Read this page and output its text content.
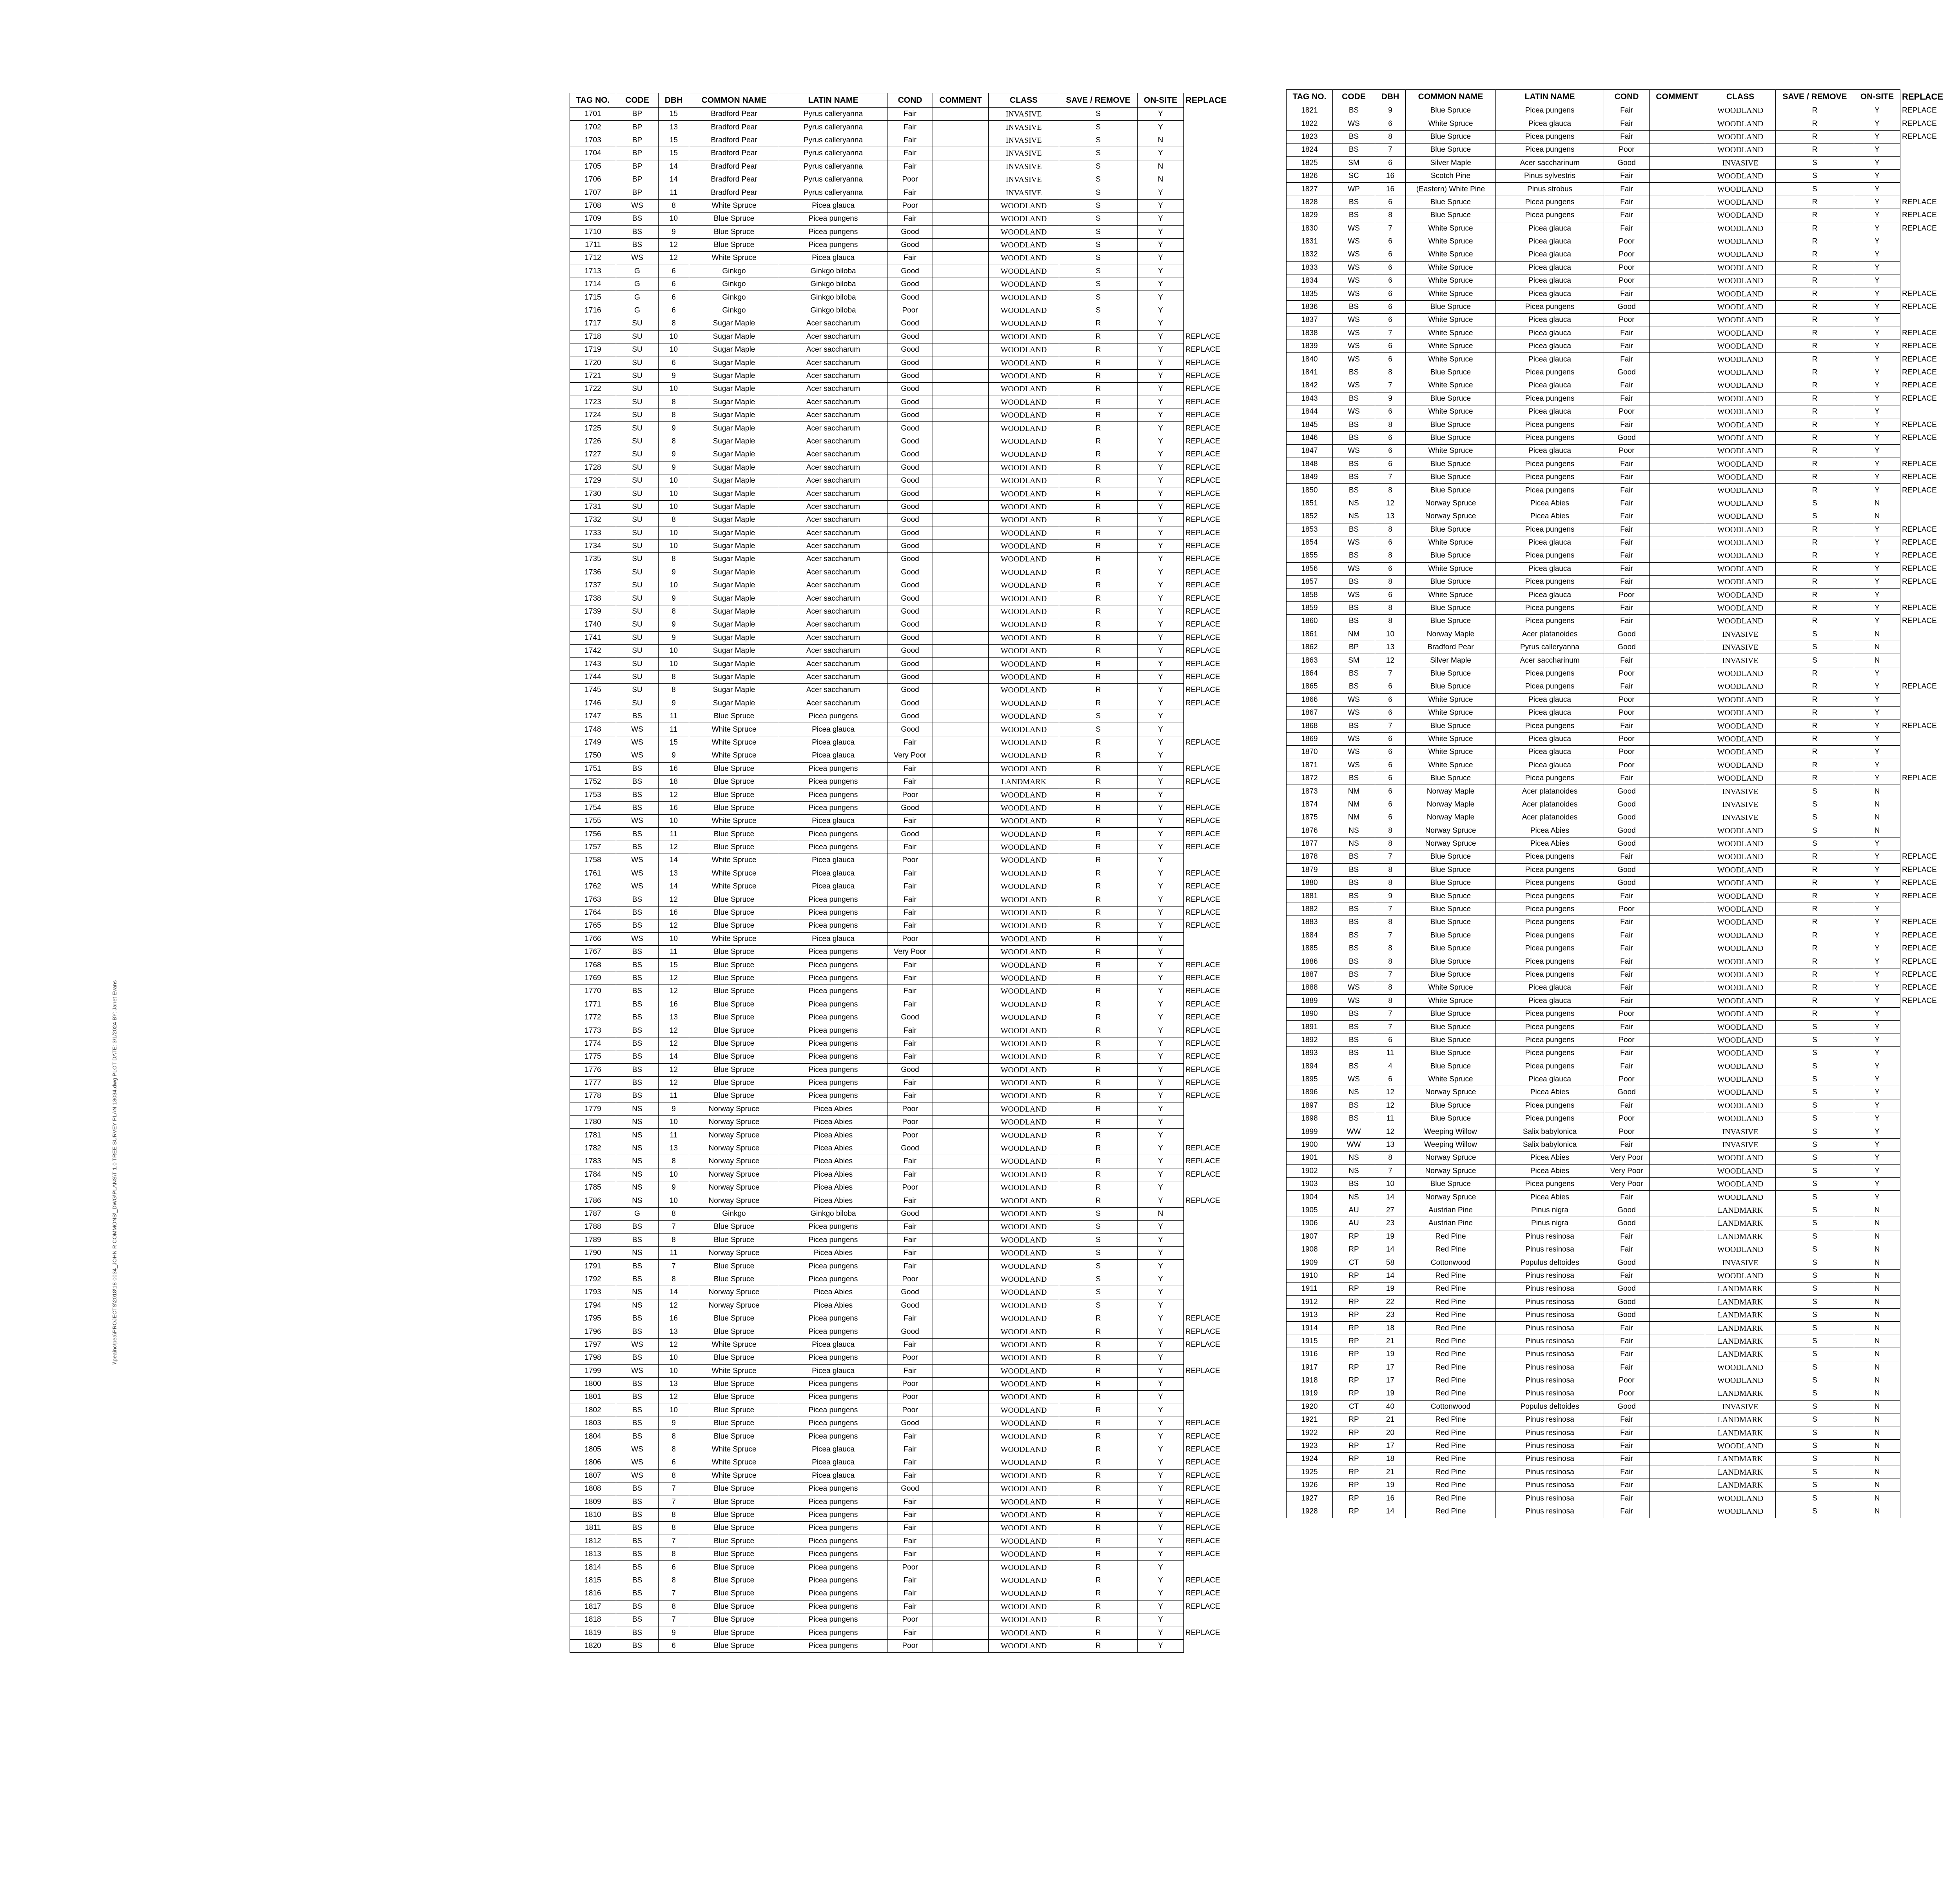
TAG NO.	CODE	DBH	COMMON NAME	LATIN NAME	COND	COMMENT	CLASS	SAVE / REMOVE	ON-SITE	REPLACE
1701	BP	15	Bradford Pear	Pyrus calleryanna	Fair		INVASIVE	S	Y	
1702	BP	13	Bradford Pear	Pyrus calleryanna	Fair		INVASIVE	S	Y	
1703	BP	15	Bradford Pear	Pyrus calleryanna	Fair		INVASIVE	S	N	
1704	BP	15	Bradford Pear	Pyrus calleryanna	Fair		INVASIVE	S	Y	
1705	BP	14	Bradford Pear	Pyrus calleryanna	Fair		INVASIVE	S	N	
1706	BP	14	Bradford Pear	Pyrus calleryanna	Poor		INVASIVE	S	N	
1707	BP	11	Bradford Pear	Pyrus calleryanna	Fair		INVASIVE	S	Y	
1708	WS	8	White Spruce	Picea glauca	Poor		WOODLAND	S	Y	
1709	BS	10	Blue Spruce	Picea pungens	Fair		WOODLAND	S	Y	
1710	BS	9	Blue Spruce	Picea pungens	Good		WOODLAND	S	Y	
1711	BS	12	Blue Spruce	Picea pungens	Good		WOODLAND	S	Y	
1712	WS	12	White Spruce	Picea glauca	Fair		WOODLAND	S	Y	
1713	G	6	Ginkgo	Ginkgo biloba	Good		WOODLAND	S	Y	
1714	G	6	Ginkgo	Ginkgo biloba	Good		WOODLAND	S	Y	
1715	G	6	Ginkgo	Ginkgo biloba	Good		WOODLAND	S	Y	
1716	G	6	Ginkgo	Ginkgo biloba	Poor		WOODLAND	S	Y	
1717	SU	8	Sugar Maple	Acer saccharum	Good		WOODLAND	R	Y	
1718	SU	10	Sugar Maple	Acer saccharum	Good		WOODLAND	R	Y	REPLACE
1719	SU	10	Sugar Maple	Acer saccharum	Good		WOODLAND	R	Y	REPLACE
1720	SU	6	Sugar Maple	Acer saccharum	Good		WOODLAND	R	Y	REPLACE
1721	SU	9	Sugar Maple	Acer saccharum	Good		WOODLAND	R	Y	REPLACE
1722	SU	10	Sugar Maple	Acer saccharum	Good		WOODLAND	R	Y	REPLACE
1723	SU	8	Sugar Maple	Acer saccharum	Good		WOODLAND	R	Y	REPLACE
1724	SU	8	Sugar Maple	Acer saccharum	Good		WOODLAND	R	Y	REPLACE
1725	SU	9	Sugar Maple	Acer saccharum	Good		WOODLAND	R	Y	REPLACE
1726	SU	8	Sugar Maple	Acer saccharum	Good		WOODLAND	R	Y	REPLACE
1727	SU	9	Sugar Maple	Acer saccharum	Good		WOODLAND	R	Y	REPLACE
1728	SU	9	Sugar Maple	Acer saccharum	Good		WOODLAND	R	Y	REPLACE
1729	SU	10	Sugar Maple	Acer saccharum	Good		WOODLAND	R	Y	REPLACE
1730	SU	10	Sugar Maple	Acer saccharum	Good		WOODLAND	R	Y	REPLACE
1731	SU	10	Sugar Maple	Acer saccharum	Good		WOODLAND	R	Y	REPLACE
1732	SU	8	Sugar Maple	Acer saccharum	Good		WOODLAND	R	Y	REPLACE
1733	SU	10	Sugar Maple	Acer saccharum	Good		WOODLAND	R	Y	REPLACE
1734	SU	10	Sugar Maple	Acer saccharum	Good		WOODLAND	R	Y	REPLACE
1735	SU	8	Sugar Maple	Acer saccharum	Good		WOODLAND	R	Y	REPLACE
1736	SU	9	Sugar Maple	Acer saccharum	Good		WOODLAND	R	Y	REPLACE
1737	SU	10	Sugar Maple	Acer saccharum	Good		WOODLAND	R	Y	REPLACE
1738	SU	9	Sugar Maple	Acer saccharum	Good		WOODLAND	R	Y	REPLACE
1739	SU	8	Sugar Maple	Acer saccharum	Good		WOODLAND	R	Y	REPLACE
1740	SU	9	Sugar Maple	Acer saccharum	Good		WOODLAND	R	Y	REPLACE
1741	SU	9	Sugar Maple	Acer saccharum	Good		WOODLAND	R	Y	REPLACE
1742	SU	10	Sugar Maple	Acer saccharum	Good		WOODLAND	R	Y	REPLACE
1743	SU	10	Sugar Maple	Acer saccharum	Good		WOODLAND	R	Y	REPLACE
1744	SU	8	Sugar Maple	Acer saccharum	Good		WOODLAND	R	Y	REPLACE
1745	SU	8	Sugar Maple	Acer saccharum	Good		WOODLAND	R	Y	REPLACE
1746	SU	9	Sugar Maple	Acer saccharum	Good		WOODLAND	R	Y	REPLACE
1747	BS	11	Blue Spruce	Picea pungens	Good		WOODLAND	S	Y	
1748	WS	11	White Spruce	Picea glauca	Good		WOODLAND	S	Y	
1749	WS	15	White Spruce	Picea glauca	Fair		WOODLAND	R	Y	REPLACE
1750	WS	9	White Spruce	Picea glauca	Very Poor		WOODLAND	R	Y	
1751	BS	16	Blue Spruce	Picea pungens	Fair		WOODLAND	R	Y	REPLACE
1752	BS	18	Blue Spruce	Picea pungens	Fair		LANDMARK	R	Y	REPLACE
1753	BS	12	Blue Spruce	Picea pungens	Poor		WOODLAND	R	Y	
1754	BS	16	Blue Spruce	Picea pungens	Good		WOODLAND	R	Y	REPLACE
1755	WS	10	White Spruce	Picea glauca	Fair		WOODLAND	R	Y	REPLACE
1756	BS	11	Blue Spruce	Picea pungens	Good		WOODLAND	R	Y	REPLACE
1757	BS	12	Blue Spruce	Picea pungens	Fair		WOODLAND	R	Y	REPLACE
1758	WS	14	White Spruce	Picea glauca	Poor		WOODLAND	R	Y	
1761	WS	13	White Spruce	Picea glauca	Fair		WOODLAND	R	Y	REPLACE
1762	WS	14	White Spruce	Picea glauca	Fair		WOODLAND	R	Y	REPLACE
1763	BS	12	Blue Spruce	Picea pungens	Fair		WOODLAND	R	Y	REPLACE
1764	BS	16	Blue Spruce	Picea pungens	Fair		WOODLAND	R	Y	REPLACE
1765	BS	12	Blue Spruce	Picea pungens	Fair		WOODLAND	R	Y	REPLACE
1766	WS	10	White Spruce	Picea glauca	Poor		WOODLAND	R	Y	
1767	BS	11	Blue Spruce	Picea pungens	Very Poor		WOODLAND	R	Y	
1768	BS	15	Blue Spruce	Picea pungens	Fair		WOODLAND	R	Y	REPLACE
1769	BS	12	Blue Spruce	Picea pungens	Fair		WOODLAND	R	Y	REPLACE
1770	BS	12	Blue Spruce	Picea pungens	Fair		WOODLAND	R	Y	REPLACE
1771	BS	16	Blue Spruce	Picea pungens	Fair		WOODLAND	R	Y	REPLACE
1772	BS	13	Blue Spruce	Picea pungens	Good		WOODLAND	R	Y	REPLACE
1773	BS	12	Blue Spruce	Picea pungens	Fair		WOODLAND	R	Y	REPLACE
1774	BS	12	Blue Spruce	Picea pungens	Fair		WOODLAND	R	Y	REPLACE
1775	BS	14	Blue Spruce	Picea pungens	Fair		WOODLAND	R	Y	REPLACE
1776	BS	12	Blue Spruce	Picea pungens	Good		WOODLAND	R	Y	REPLACE
1777	BS	12	Blue Spruce	Picea pungens	Fair		WOODLAND	R	Y	REPLACE
1778	BS	11	Blue Spruce	Picea pungens	Fair		WOODLAND	R	Y	REPLACE
1779	NS	9	Norway Spruce	Picea Abies	Poor		WOODLAND	R	Y	
1780	NS	10	Norway Spruce	Picea Abies	Poor		WOODLAND	R	Y	
1781	NS	11	Norway Spruce	Picea Abies	Poor		WOODLAND	R	Y	
1782	NS	13	Norway Spruce	Picea Abies	Good		WOODLAND	R	Y	REPLACE
1783	NS	8	Norway Spruce	Picea Abies	Fair		WOODLAND	R	Y	REPLACE
1784	NS	10	Norway Spruce	Picea Abies	Fair		WOODLAND	R	Y	REPLACE
1785	NS	9	Norway Spruce	Picea Abies	Poor		WOODLAND	R	Y	
1786	NS	10	Norway Spruce	Picea Abies	Fair		WOODLAND	R	Y	REPLACE
1787	G	8	Ginkgo	Ginkgo biloba	Good		WOODLAND	S	N	
1788	BS	7	Blue Spruce	Picea pungens	Fair		WOODLAND	S	Y	
1789	BS	8	Blue Spruce	Picea pungens	Fair		WOODLAND	S	Y	
1790	NS	11	Norway Spruce	Picea Abies	Fair		WOODLAND	S	Y	
1791	BS	7	Blue Spruce	Picea pungens	Fair		WOODLAND	S	Y	
1792	BS	8	Blue Spruce	Picea pungens	Poor		WOODLAND	S	Y	
1793	NS	14	Norway Spruce	Picea Abies	Good		WOODLAND	S	Y	
1794	NS	12	Norway Spruce	Picea Abies	Good		WOODLAND	S	Y	
1795	BS	16	Blue Spruce	Picea pungens	Fair		WOODLAND	R	Y	REPLACE
1796	BS	13	Blue Spruce	Picea pungens	Good		WOODLAND	R	Y	REPLACE
1797	WS	12	White Spruce	Picea glauca	Fair		WOODLAND	R	Y	REPLACE
1798	BS	10	Blue Spruce	Picea pungens	Poor		WOODLAND	R	Y	
1799	WS	10	White Spruce	Picea glauca	Fair		WOODLAND	R	Y	REPLACE
1800	BS	13	Blue Spruce	Picea pungens	Poor		WOODLAND	R	Y	
1801	BS	12	Blue Spruce	Picea pungens	Poor		WOODLAND	R	Y	
1802	BS	10	Blue Spruce	Picea pungens	Poor		WOODLAND	R	Y	
1803	BS	9	Blue Spruce	Picea pungens	Good		WOODLAND	R	Y	REPLACE
1804	BS	8	Blue Spruce	Picea pungens	Fair		WOODLAND	R	Y	REPLACE
1805	WS	8	White Spruce	Picea glauca	Fair		WOODLAND	R	Y	REPLACE
1806	WS	6	White Spruce	Picea glauca	Fair		WOODLAND	R	Y	REPLACE
1807	WS	8	White Spruce	Picea glauca	Fair		WOODLAND	R	Y	REPLACE
1808	BS	7	Blue Spruce	Picea pungens	Good		WOODLAND	R	Y	REPLACE
1809	BS	7	Blue Spruce	Picea pungens	Fair		WOODLAND	R	Y	REPLACE
1810	BS	8	Blue Spruce	Picea pungens	Fair		WOODLAND	R	Y	REPLACE
1811	BS	8	Blue Spruce	Picea pungens	Fair		WOODLAND	R	Y	REPLACE
1812	BS	7	Blue Spruce	Picea pungens	Fair		WOODLAND	R	Y	REPLACE
1813	BS	8	Blue Spruce	Picea pungens	Fair		WOODLAND	R	Y	REPLACE
1814	BS	6	Blue Spruce	Picea pungens	Poor		WOODLAND	R	Y	
1815	BS	8	Blue Spruce	Picea pungens	Fair		WOODLAND	R	Y	REPLACE
1816	BS	7	Blue Spruce	Picea pungens	Fair		WOODLAND	R	Y	REPLACE
1817	BS	8	Blue Spruce	Picea pungens	Fair		WOODLAND	R	Y	REPLACE
1818	BS	7	Blue Spruce	Picea pungens	Poor		WOODLAND	R	Y	
1819	BS	9	Blue Spruce	Picea pungens	Fair		WOODLAND	R	Y	REPLACE
1820	BS	6	Blue Spruce	Picea pungens	Poor		WOODLAND	R	Y	
TAG NO.	CODE	DBH	COMMON NAME	LATIN NAME	COND	COMMENT	CLASS	SAVE / REMOVE	ON-SITE	REPLACE
1821	BS	9	Blue Spruce	Picea pungens	Fair		WOODLAND	R	Y	REPLACE
1822	WS	6	White Spruce	Picea glauca	Fair		WOODLAND	R	Y	REPLACE
1823	BS	8	Blue Spruce	Picea pungens	Fair		WOODLAND	R	Y	REPLACE
1824	BS	7	Blue Spruce	Picea pungens	Poor		WOODLAND	R	Y	
1825	SM	6	Silver Maple	Acer saccharinum	Good		INVASIVE	S	Y	
1826	SC	16	Scotch Pine	Pinus sylvestris	Fair		WOODLAND	S	Y	
1827	WP	16	(Eastern) White Pine	Pinus strobus	Fair		WOODLAND	S	Y	
1828	BS	6	Blue Spruce	Picea pungens	Fair		WOODLAND	R	Y	REPLACE
1829	BS	8	Blue Spruce	Picea pungens	Fair		WOODLAND	R	Y	REPLACE
1830	WS	7	White Spruce	Picea glauca	Fair		WOODLAND	R	Y	REPLACE
1831	WS	6	White Spruce	Picea glauca	Poor		WOODLAND	R	Y	
1832	WS	6	White Spruce	Picea glauca	Poor		WOODLAND	R	Y	
1833	WS	6	White Spruce	Picea glauca	Poor		WOODLAND	R	Y	
1834	WS	6	White Spruce	Picea glauca	Poor		WOODLAND	R	Y	
1835	WS	6	White Spruce	Picea glauca	Fair		WOODLAND	R	Y	REPLACE
1836	BS	6	Blue Spruce	Picea pungens	Good		WOODLAND	R	Y	REPLACE
1837	WS	6	White Spruce	Picea glauca	Poor		WOODLAND	R	Y	
1838	WS	7	White Spruce	Picea glauca	Fair		WOODLAND	R	Y	REPLACE
1839	WS	6	White Spruce	Picea glauca	Fair		WOODLAND	R	Y	REPLACE
1840	WS	6	White Spruce	Picea glauca	Fair		WOODLAND	R	Y	REPLACE
1841	BS	8	Blue Spruce	Picea pungens	Good		WOODLAND	R	Y	REPLACE
1842	WS	7	White Spruce	Picea glauca	Fair		WOODLAND	R	Y	REPLACE
1843	BS	9	Blue Spruce	Picea pungens	Fair		WOODLAND	R	Y	REPLACE
1844	WS	6	White Spruce	Picea glauca	Poor		WOODLAND	R	Y	
1845	BS	8	Blue Spruce	Picea pungens	Fair		WOODLAND	R	Y	REPLACE
1846	BS	6	Blue Spruce	Picea pungens	Good		WOODLAND	R	Y	REPLACE
1847	WS	6	White Spruce	Picea glauca	Poor		WOODLAND	R	Y	
1848	BS	6	Blue Spruce	Picea pungens	Fair		WOODLAND	R	Y	REPLACE
1849	BS	7	Blue Spruce	Picea pungens	Fair		WOODLAND	R	Y	REPLACE
1850	BS	8	Blue Spruce	Picea pungens	Fair		WOODLAND	R	Y	REPLACE
1851	NS	12	Norway Spruce	Picea Abies	Fair		WOODLAND	S	N	
1852	NS	13	Norway Spruce	Picea Abies	Fair		WOODLAND	S	N	
1853	BS	8	Blue Spruce	Picea pungens	Fair		WOODLAND	R	Y	REPLACE
1854	WS	6	White Spruce	Picea glauca	Fair		WOODLAND	R	Y	REPLACE
1855	BS	8	Blue Spruce	Picea pungens	Fair		WOODLAND	R	Y	REPLACE
1856	WS	6	White Spruce	Picea glauca	Fair		WOODLAND	R	Y	REPLACE
1857	BS	8	Blue Spruce	Picea pungens	Fair		WOODLAND	R	Y	REPLACE
1858	WS	6	White Spruce	Picea glauca	Poor		WOODLAND	R	Y	
1859	BS	8	Blue Spruce	Picea pungens	Fair		WOODLAND	R	Y	REPLACE
1860	BS	8	Blue Spruce	Picea pungens	Fair		WOODLAND	R	Y	REPLACE
1861	NM	10	Norway Maple	Acer platanoides	Good		INVASIVE	S	N	
1862	BP	13	Bradford Pear	Pyrus calleryanna	Good		INVASIVE	S	N	
1863	SM	12	Silver Maple	Acer saccharinum	Fair		INVASIVE	S	N	
1864	BS	7	Blue Spruce	Picea pungens	Poor		WOODLAND	R	Y	
1865	BS	6	Blue Spruce	Picea pungens	Fair		WOODLAND	R	Y	REPLACE
1866	WS	6	White Spruce	Picea glauca	Poor		WOODLAND	R	Y	
1867	WS	6	White Spruce	Picea glauca	Poor		WOODLAND	R	Y	
1868	BS	7	Blue Spruce	Picea pungens	Fair		WOODLAND	R	Y	REPLACE
1869	WS	6	White Spruce	Picea glauca	Poor		WOODLAND	R	Y	
1870	WS	6	White Spruce	Picea glauca	Poor		WOODLAND	R	Y	
1871	WS	6	White Spruce	Picea glauca	Poor		WOODLAND	R	Y	
1872	BS	6	Blue Spruce	Picea pungens	Fair		WOODLAND	R	Y	REPLACE
1873	NM	6	Norway Maple	Acer platanoides	Good		INVASIVE	S	N	
1874	NM	6	Norway Maple	Acer platanoides	Good		INVASIVE	S	N	
1875	NM	6	Norway Maple	Acer platanoides	Good		INVASIVE	S	N	
1876	NS	8	Norway Spruce	Picea Abies	Good		WOODLAND	S	N	
1877	NS	8	Norway Spruce	Picea Abies	Good		WOODLAND	S	Y	
1878	BS	7	Blue Spruce	Picea pungens	Fair		WOODLAND	R	Y	REPLACE
1879	BS	8	Blue Spruce	Picea pungens	Good		WOODLAND	R	Y	REPLACE
1880	BS	8	Blue Spruce	Picea pungens	Good		WOODLAND	R	Y	REPLACE
1881	BS	9	Blue Spruce	Picea pungens	Fair		WOODLAND	R	Y	REPLACE
1882	BS	7	Blue Spruce	Picea pungens	Poor		WOODLAND	R	Y	
1883	BS	8	Blue Spruce	Picea pungens	Fair		WOODLAND	R	Y	REPLACE
1884	BS	7	Blue Spruce	Picea pungens	Fair		WOODLAND	R	Y	REPLACE
1885	BS	8	Blue Spruce	Picea pungens	Fair		WOODLAND	R	Y	REPLACE
1886	BS	8	Blue Spruce	Picea pungens	Fair		WOODLAND	R	Y	REPLACE
1887	BS	7	Blue Spruce	Picea pungens	Fair		WOODLAND	R	Y	REPLACE
1888	WS	8	White Spruce	Picea glauca	Fair		WOODLAND	R	Y	REPLACE
1889	WS	8	White Spruce	Picea glauca	Fair		WOODLAND	R	Y	REPLACE
1890	BS	7	Blue Spruce	Picea pungens	Poor		WOODLAND	R	Y	
1891	BS	7	Blue Spruce	Picea pungens	Fair		WOODLAND	S	Y	
1892	BS	6	Blue Spruce	Picea pungens	Poor		WOODLAND	S	Y	
1893	BS	11	Blue Spruce	Picea pungens	Fair		WOODLAND	S	Y	
1894	BS	4	Blue Spruce	Picea pungens	Fair		WOODLAND	S	Y	
1895	WS	6	White Spruce	Picea glauca	Poor		WOODLAND	S	Y	
1896	NS	12	Norway Spruce	Picea Abies	Good		WOODLAND	S	Y	
1897	BS	12	Blue Spruce	Picea pungens	Fair		WOODLAND	S	Y	
1898	BS	11	Blue Spruce	Picea pungens	Poor		WOODLAND	S	Y	
1899	WW	12	Weeping Willow	Salix babylonica	Poor		INVASIVE	S	Y	
1900	WW	13	Weeping Willow	Salix babylonica	Fair		INVASIVE	S	Y	
1901	NS	8	Norway Spruce	Picea Abies	Very Poor		WOODLAND	S	Y	
1902	NS	7	Norway Spruce	Picea Abies	Very Poor		WOODLAND	S	Y	
1903	BS	10	Blue Spruce	Picea pungens	Very Poor		WOODLAND	S	Y	
1904	NS	14	Norway Spruce	Picea Abies	Fair		WOODLAND	S	Y	
1905	AU	27	Austrian Pine	Pinus nigra	Good		LANDMARK	S	N	
1906	AU	23	Austrian Pine	Pinus nigra	Good		LANDMARK	S	N	
1907	RP	19	Red Pine	Pinus resinosa	Fair		LANDMARK	S	N	
1908	RP	14	Red Pine	Pinus resinosa	Fair		WOODLAND	S	N	
1909	CT	58	Cottonwood	Populus deltoides	Good		INVASIVE	S	N	
1910	RP	14	Red Pine	Pinus resinosa	Fair		WOODLAND	S	N	
1911	RP	19	Red Pine	Pinus resinosa	Good		LANDMARK	S	N	
1912	RP	22	Red Pine	Pinus resinosa	Good		LANDMARK	S	N	
1913	RP	23	Red Pine	Pinus resinosa	Good		LANDMARK	S	N	
1914	RP	18	Red Pine	Pinus resinosa	Fair		LANDMARK	S	N	
1915	RP	21	Red Pine	Pinus resinosa	Fair		LANDMARK	S	N	
1916	RP	19	Red Pine	Pinus resinosa	Fair		LANDMARK	S	N	
1917	RP	17	Red Pine	Pinus resinosa	Fair		WOODLAND	S	N	
1918	RP	17	Red Pine	Pinus resinosa	Poor		WOODLAND	S	N	
1919	RP	19	Red Pine	Pinus resinosa	Poor		LANDMARK	S	N	
1920	CT	40	Cottonwood	Populus deltoides	Good		INVASIVE	S	N	
1921	RP	21	Red Pine	Pinus resinosa	Fair		LANDMARK	S	N	
1922	RP	20	Red Pine	Pinus resinosa	Fair		LANDMARK	S	N	
1923	RP	17	Red Pine	Pinus resinosa	Fair		WOODLAND	S	N	
1924	RP	18	Red Pine	Pinus resinosa	Fair		LANDMARK	S	N	
1925	RP	21	Red Pine	Pinus resinosa	Fair		LANDMARK	S	N	
1926	RP	19	Red Pine	Pinus resinosa	Fair		LANDMARK	S	N	
1927	RP	16	Red Pine	Pinus resinosa	Fair		WOODLAND	S	N	
1928	RP	14	Red Pine	Pinus resinosa	Fair		WOODLAND	S	N	
\\peainc\pea\PROJECTS\2018\18-0034_JOHN R COMMONS\_DWG\PLANS\T-1.0 TREE SURVEY PLAN-18034.dwg PLOT DATE: 3/1/2024 BY: Janet Evans
